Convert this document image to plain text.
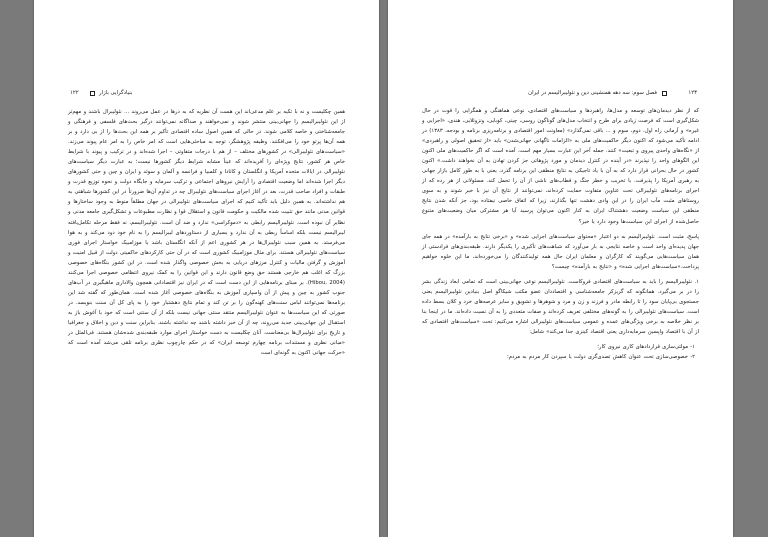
١٢٢	بنیادگرایی بازار

همین چکلیست و نه با تکیه بر علم مدعی‌اند این هست آن نظریه که به درها در عمل می‌روند ... نئولیبرال باشند و مهم‌تر از این نئولیبرالیسم را جهانی‌بینی منتشر شوند و نمی‌خواهند و صداگانه نمی‌توانند درگیر بحث‌های فلسفی و فرهنگی و جامعه‌شناختی و خاصه کلامی شوند. در حالی که همین اصول ساده اقتصادی تأکیر بر همه این بحث‌ها را از بی دارد و بر همه آن‌ها پرتو خود را می‌افکنند. وظیفه پژوهشگر، توجه به مباحثی‌هایی است که امر خاص را به امر عام پیوند می‌زند. «سیاست‌های نئولیبرالی» در کشورهای مختلف – از هم با درجات متفاوتی – اجرا شده‌اند و در ترکیب و پیوند با شرایط خاص هر کشور، نتایج ویژه‌ای را آفریده‌اند که عیناً مشابه شرایط دیگر کشورها نیست؛ به عبارت دیگر سیاست‌های نئولیبرالی در ایالات متحده آمریکا و انگلستان و کانادا و کلمبیا و فرانسه و آلمان و سوئد و ایران و چین و حتی کشورهای دیگر اجرا شده‌اند اما وضعیت اقتصادی را آرایش نیروهای اجتماعی و ترکیب سرمایه و جایگاه دولت و نحوه توزیع قدرت و طبقات و افراد صاحب قدرت، بعد در آغاز اجرای سیاست‌های نئولیبرال چه در تداوم آن‌ها ضرورتاً در این کشورها شباهتی به هم نداشته‌اند. به همین دلیل باید تأکید کنیم که اجرای سیاست‌های نئولیبرالی در جهان مطلقاً منوط به وجود ساختارها و قوانین مدنی مانند حق تثبیت شده مالکیت و حکومت قانون و استقلال قوا و نظارت مطبوعات و تشکل‌گیری جامعه مدنی و نظایر آن نبوده است. نئولیبرالیسم رابطی به «دموکراسی» ندارد و ضد آن است. نئولیبرالیسم، نه فقط مرحله تکامل‌یافته لیبرالیسم نیست بلکه اساساً ربطی به آن ندارد و بسیاری از دستاوردهای لیبرالیسم را به نام خود دود می‌کند و به هوا می‌فرستد. به همین سبب نئولیبرال‌ها در هر کشوری اعم از آنکه انگلستان باشد یا موزامبیک خواستار اجرای فوری سیاست‌های نئولیبرالی هستند. برای مثال موزامبیک کشوری است که در آن حتی کارکردهای حاکمیتی دولت از قبیل امنیت و آموزش و گرفتن مالیات و کنترل مرزهای دریایی به بخش خصوصی واگذار شده است. در این کشور بنگاه‌های خصوصی بزرگ که اغلب هم خارجی هستند حق وضع قانون دارند و این قوانین را به کمک نیروی انتظامی خصوصی اجرا می‌کنند (Hibou, 2004). بر مبنای برنامه‌هایی از این دست است که در ایران نیز اقتصادانی همچون والاداری ماهیگیری در آب‌های جنوب کشور به چین و پیش از آن واسپاری آموزش به بنگاه‌های خصوصی آغاز شده است. همان‌طور که گفته شد این برنامه‌ها نمی‌توانند لباس سنت‌های کهنه‌گون را بر تن کند و تمام نتایج دهشتبار خود را به پای کل آن سنت بنویسد. در صورتی که این سیاست‌ها به عنوان نئولیبرالیسم منتقد سنتی جهانی نیست بلکه از آن سنتی است که خود با آغوش باز به استقبال این جهانی‌بینی جدید می‌روند، چه از آن خبر داشته باشند چه نداشته باشند. بنابراین سنت و دین و اخلاق و جغرافیا و تاریخ برای نئولیبرال‌ها بی‌معناست. آنان چکلیست به دست خواستار اجرای موارد طبقه‌بندی شده‌شان هستند. فی‌المثل در «مبانی نظری و مستندات برنامه چهارم توسعه ایران» که در حکم چارچوب نظری برنامه تلقی می‌شد آمده است که «حرکت جهانی اکنون به گونه‌ای است

فصل سوم: سه دهه همنشینی دین و نئولیبرالیسم در ایران	١٢٣

که از نظر دیدمان‌های توسعه و مدل‌ها، راهبردها و سیاست‌های اقتصادی، نوعی هماهنگی و همگرایی را قوت در حال شکل‌گیری است که فرصت زیادی برای طرح و انتخاب مدل‌های گوناگون روسی، چینی، کوبایی، ونزوئلایی، هندی، «اجرایی و غیره» و آرمانی راه اول، دوم، سوم و ... باقی نمی‌گذارد» (معاونت امور اقتصادی و برنامه‌ریزی برنامه و بودجه، ۱۳۸۳) در ادامه تأکید می‌شود که اکنون دیگر حاکمیت‌های ملی به «الزامات ناگهانی جهانی‌شدن» باید «از تحقیق اصولی و راهبردی» از «نگاه‌های واحدی پیروی و تبعیت» کنند. جمله آخر این عبارت بسیار مهم است. آمده است که اگر حاکمیت‌های ملی اکنون این الگوهای واحد را نپذیرند «در آینده در کنترل دیدمان و مورد پژوهاتی جز کردن تهادن به آن نخواهند داشت.» اکنون کشور در حال بحرانی قرار دارد که به آن با یاد تاجیکی به نتایج منطقی این برنامه گذرد، یعنی با به طور کامل بازار جهانی به رهبری آمریکا را پذیرفت. با تخریب و خطر جنگ و قطاب‌های ناشی از آن را تحمل کند. مسئولانی از هر رده که از اجرای برنامه‌های نئولیبرالی تحت عناوین متفاوت حمایت کرده‌اند، نمی‌توانند از نتایج آن نیز با خبر شوند و به سوی روستاهای مثبت مآب ایران را در این وادی دهشت تنها بگذارند، زیرا که اتفاق خاصی نیفتاده بود، جز آنکه شدن نتایج منطقی این سیاست وضعیت دهشتناک ایران به کنار اکنون می‌توان پرسید آیا هر مشترکی میان وضعیت‌های متنوع حاصل‌شده از اجرای این سیاست‌ها وجود دارد یا خیر؟

پاسخ، مثبت است. نئولیبرالیسم به دو اعتبار «محتوای سیاست‌های اجرایی شده» و «برخی نتایج به بارآمده» در همه جای جهان پدیده‌ای واحد است و خاصه نتایجی به بار می‌آورد که شباهت‌های تأکیری را یکدیگر دارند. طبقه‌بندی‌های فرادستی از همان سیاست‌هایی می‌گویند که کارگران و معلمان ایران حال همه تولیدکنندگان را می‌خورده‌اند، ما این خلوه خواهیم پرداخت.«سیاست‌های اجرایی شده» و «نتایج به بارآمده» چیست؟

۱. نئولیبرالیسم را باید به سیاست‌های اقتصادی فروکاست. نئولیبرالیسم نوعی جهانی‌بینی است که تمامی ابعاد زندگی بشر را در بر می‌گیرد. همانگونه که گریزکر جامعه‌شناسی و اقتصاددان عضو مکتب شیکاگو اصل بنیادین نئولیبرالیسم یعنی جستجوی بی‌پایان سود را تا رابطه مادر و فرزند و زن و مرد و شوهرها و تشویق و سایر عرصه‌های خرد و کلان بسط داده است. سیاست‌های نئولیبرالی را به گونه‌های مختلفی تعریف کرده‌اند و صفات متعددی را به آن نسبت داده‌اند. ما در اینجا بنا بر نظر خلاصه به برخی ویژگی‌های عمده و عمومی سیاست‌های نئولیبرالی اشاره می‌کنیم: تحت «سیاست‌های اقتصادی که از آن با اقتصاد واپسین سرمایه‌داری یعنی اقتصاد کینزی جدا می‌کند» شامل:

۱- مولتی‌سازی قراردادهای کاری نیروی کار؛
۲- خصوصی‌سازی تحت عنوان کاهش تصدی‌گری دولت یا سپردن کار مردم به مردم؛
